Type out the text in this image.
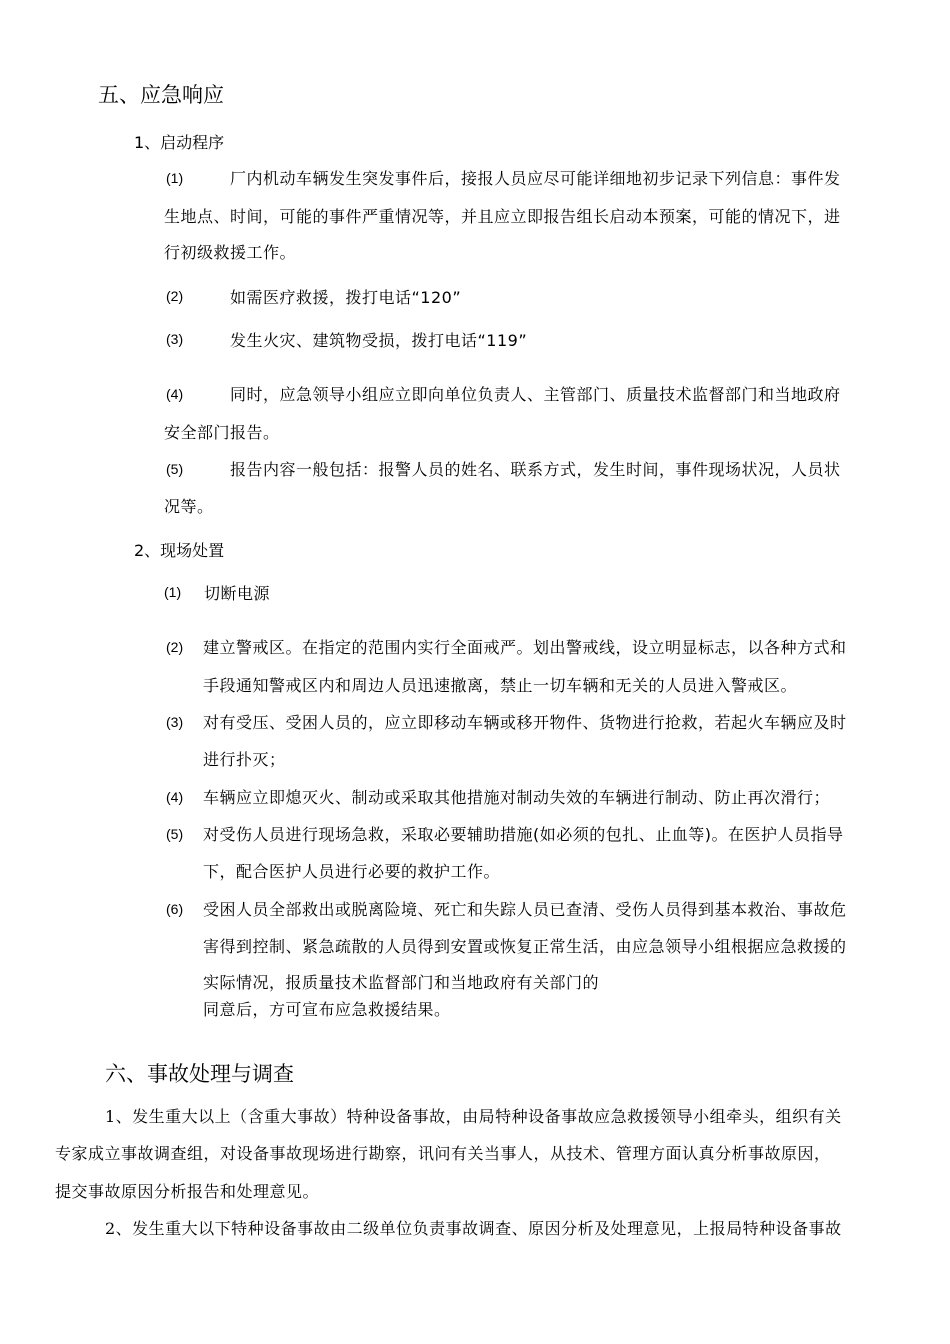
五、应急响应
1、启动程序
(1)	厂内机动车辆发生突发事件后，接报人员应尽可能详细地初步记录下列信息：事件发
生地点、时间，可能的事件严重情况等，并且应立即报告组长启动本预案，可能的情况下，进
行初级救援工作。
(2)	如需医疗救援，拨打电话“120”
(3)	发生火灾、建筑物受损，拨打电话“119”
(4)	同时，应急领导小组应立即向单位负责人、主管部门、质量技术监督部门和当地政府
安全部门报告。
(5)	报告内容一般包括：报警人员的姓名、联系方式，发生时间，事件现场状况，人员状
况等。
2、现场处置
(1) 切断电源
(2) 建立警戒区。在指定的范围内实行全面戒严。划出警戒线，设立明显标志，以各种方式和
手段通知警戒区内和周边人员迅速撤离，禁止一切车辆和无关的人员进入警戒区。
(3) 对有受压、受困人员的，应立即移动车辆或移开物件、货物进行抢救，若起火车辆应及时
进行扑灭；
(4) 车辆应立即熄灭火、制动或采取其他措施对制动失效的车辆进行制动、防止再次滑行；
(5) 对受伤人员进行现场急救，采取必要辅助措施(如必须的包扎、止血等)。在医护人员指导
下，配合医护人员进行必要的救护工作。
(6) 受困人员全部救出或脱离险境、死亡和失踪人员已查清、受伤人员得到基本救治、事故危
害得到控制、紧急疏散的人员得到安置或恢复正常生活，由应急领导小组根据应急救援的
实际情况，报质量技术监督部门和当地政府有关部门的
同意后，方可宣布应急救援结果。
六、事故处理与调查
1、发生重大以上（含重大事故）特种设备事故，由局特种设备事故应急救援领导小组牵头，组织有关
专家成立事故调查组，对设备事故现场进行勘察，讯问有关当事人，从技术、管理方面认真分析事故原因，
提交事故原因分析报告和处理意见。
2、发生重大以下特种设备事故由二级单位负责事故调查、原因分析及处理意见，上报局特种设备事故
